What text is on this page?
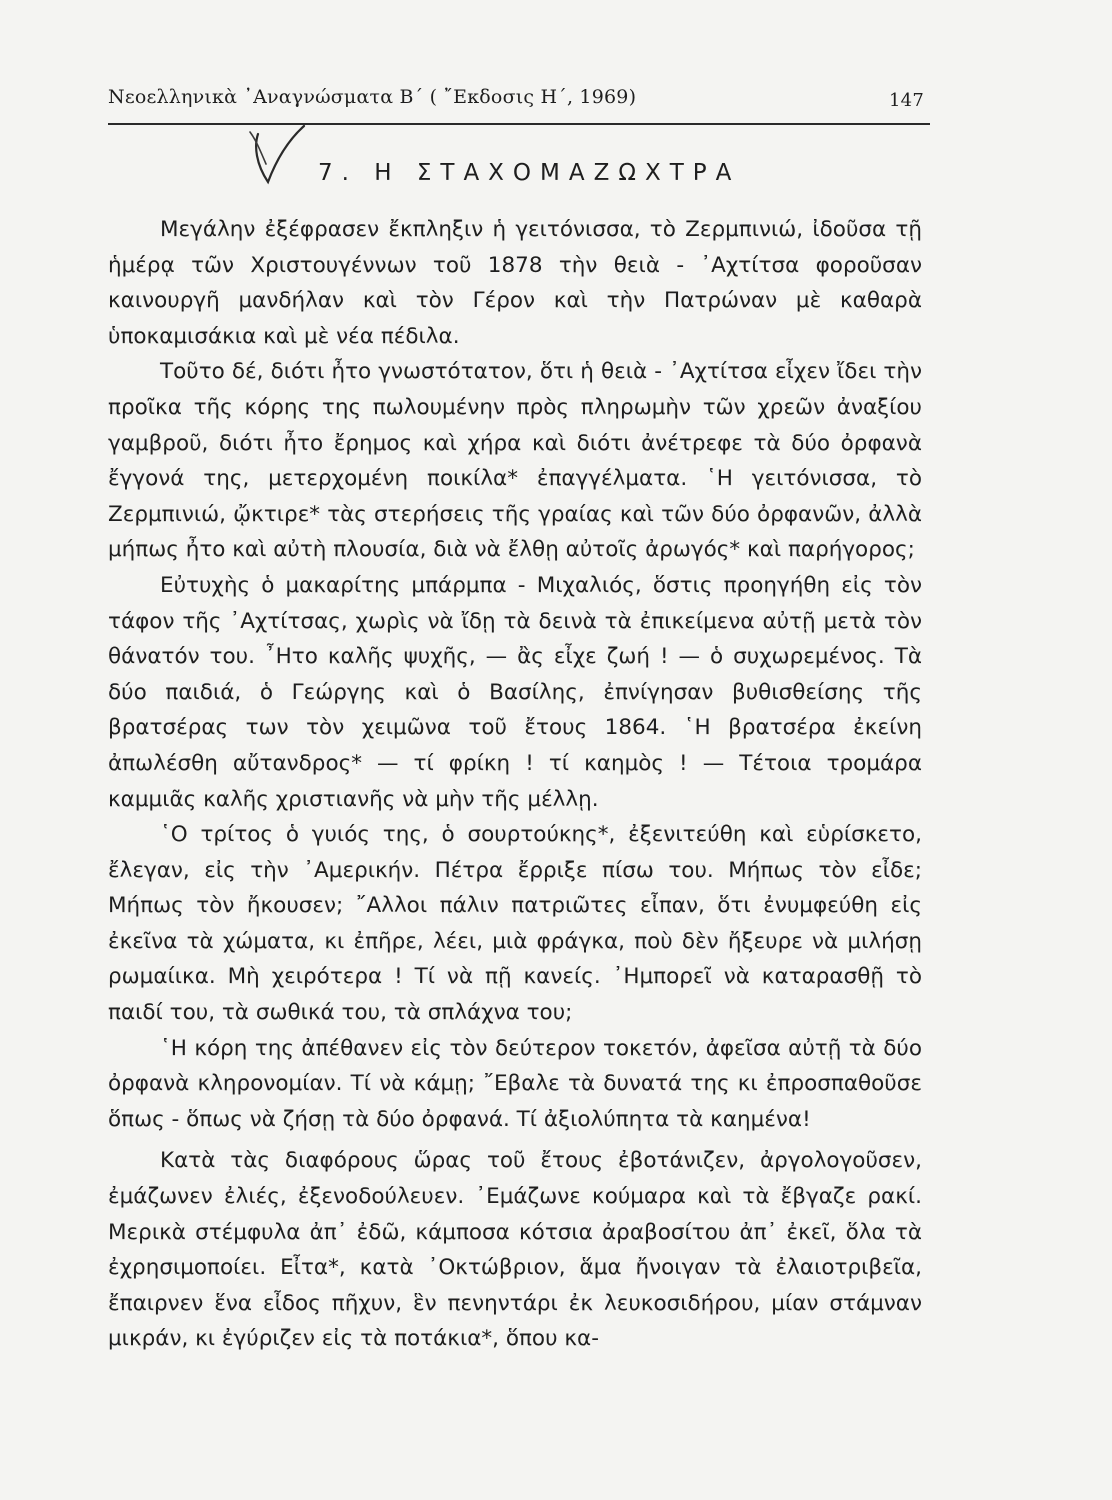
Νεοελληνικὰ ᾿Αναγνώσματα Β΄ ( ῎Εκδοσις Η΄, 1969)	147
7. Η ΣΤΑΧΟΜΑΖΩΧΤΡΑ

Μεγάλην ἐξέφρασεν ἔκπληξιν ἡ γειτόνισσα, τὸ Ζερμπινιώ, ἰδοῦσα τῇ ἡμέρᾳ τῶν Χριστουγέννων τοῦ 1878 τὴν θειὰ - ᾿Αχτίτσα φοροῦσαν καινουργῆ μανδήλαν καὶ τὸν Γέρον καὶ τὴν Πατρώναν μὲ καθαρὰ ὑποκαμισάκια καὶ μὲ νέα πέδιλα.

Τοῦτο δέ, διότι ἦτο γνωστότατον, ὅτι ἡ θειὰ - ᾿Αχτίτσα εἶχεν ἴδει τὴν προῖκα τῆς κόρης της πωλουμένην πρὸς πληρωμὴν τῶν χρεῶν ἀναξίου γαμβροῦ, διότι ἦτο ἔρημος καὶ χήρα καὶ διότι ἀνέτρεφε τὰ δύο ὀρφανὰ ἔγγονά της, μετερχομένη ποικίλα* ἐπαγγέλματα. ῾Η γειτόνισσα, τὸ Ζερμπινιώ, ᾤκτιρε* τὰς στερήσεις τῆς γραίας καὶ τῶν δύο ὀρφανῶν, ἀλλὰ μήπως ἦτο καὶ αὐτὴ πλουσία, διὰ νὰ ἔλθῃ αὐτοῖς ἀρωγός* καὶ παρήγορος;

Εὐτυχὴς ὁ μακαρίτης μπάρμπα - Μιχαλιός, ὅστις προηγήθη εἰς τὸν τάφον τῆς ᾿Αχτίτσας, χωρὶς νὰ ἴδῃ τὰ δεινὰ τὰ ἐπικείμενα αὐτῇ μετὰ τὸν θάνατόν του. ῏Ητο καλῆς ψυχῆς, — ἂς εἶχε ζωή ! — ὁ συχωρεμένος. Τὰ δύο παιδιά, ὁ Γεώργης καὶ ὁ Βασίλης, ἐπνίγησαν βυθισθείσης τῆς βρατσέρας των τὸν χειμῶνα τοῦ ἔτους 1864. ῾Η βρατσέρα ἐκείνη ἀπωλέσθη αὔτανδρος* — τί φρίκη ! τί καημὸς ! — Τέτοια τρομάρα καμμιᾶς καλῆς χριστιανῆς νὰ μὴν τῆς μέλλῃ.

῾Ο τρίτος ὁ γυιός της, ὁ σουρτούκης*, ἐξενιτεύθη καὶ εὑρίσκετο, ἔλεγαν, εἰς τὴν ᾿Αμερικήν. Πέτρα ἔρριξε πίσω του. Μήπως τὸν εἶδε; Μήπως τὸν ἤκουσεν; ῎Αλλοι πάλιν πατριῶτες εἶπαν, ὅτι ἐνυμφεύθη εἰς ἐκεῖνα τὰ χώματα, κι ἐπῆρε, λέει, μιὰ φράγκα, ποὺ δὲν ἤξευρε νὰ μιλήσῃ ρωμαίικα. Μὴ χειρότερα ! Τί νὰ πῇ κανείς. ᾿Ημπορεῖ νὰ καταρασθῇ τὸ παιδί του, τὰ σωθικά του, τὰ σπλάχνα του;

῾Η κόρη της ἀπέθανεν εἰς τὸν δεύτερον τοκετόν, ἀφεῖσα αὐτῇ τὰ δύο ὀρφανὰ κληρονομίαν. Τί νὰ κάμῃ; ῎Εβαλε τὰ δυνατά της κι ἐπροσπαθοῦσε ὅπως - ὅπως νὰ ζήσῃ τὰ δύο ὀρφανά. Τί ἀξιολύπητα τὰ καημένα!

Κατὰ τὰς διαφόρους ὥρας τοῦ ἔτους ἐβοτάνιζεν, ἀργολογοῦσεν, ἐμάζωνεν ἐλιές, ἐξενοδούλευεν. ᾿Εμάζωνε κούμαρα καὶ τὰ ἔβγαζε ρακί. Μερικὰ στέμφυλα ἀπ᾿ ἐδῶ, κάμποσα κότσια ἀραβοσίτου ἀπ᾿ ἐκεῖ, ὅλα τὰ ἐχρησιμοποίει. Εἶτα*, κατὰ ᾿Οκτώβριον, ἅμα ἤνοιγαν τὰ ἐλαιοτριβεῖα, ἔπαιρνεν ἕνα εἶδος πῆχυν, ἓν πενηντάρι ἐκ λευκοσιδήρου, μίαν στάμναν μικράν, κι ἐγύριζεν εἰς τὰ ποτάκια*, ὅπου κα-
